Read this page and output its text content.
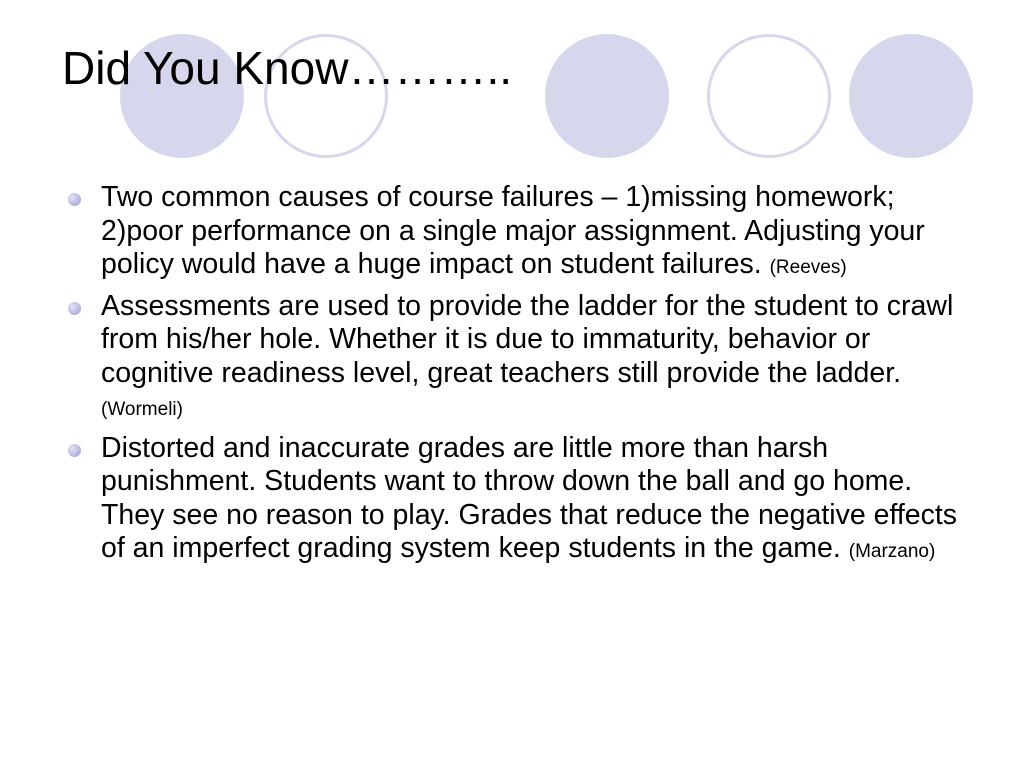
Did You Know………..
Two common causes of course failures – 1)missing homework; 2)poor performance on a single major assignment. Adjusting your policy would have a huge impact on student failures. (Reeves)
Assessments are used to provide the ladder for the student to crawl from his/her hole. Whether it is due to immaturity, behavior or cognitive readiness level, great teachers still provide the ladder. (Wormeli)
Distorted and inaccurate grades are little more than harsh punishment. Students want to throw down the ball and go home. They see no reason to play. Grades that reduce the negative effects of an imperfect grading system keep students in the game. (Marzano)
